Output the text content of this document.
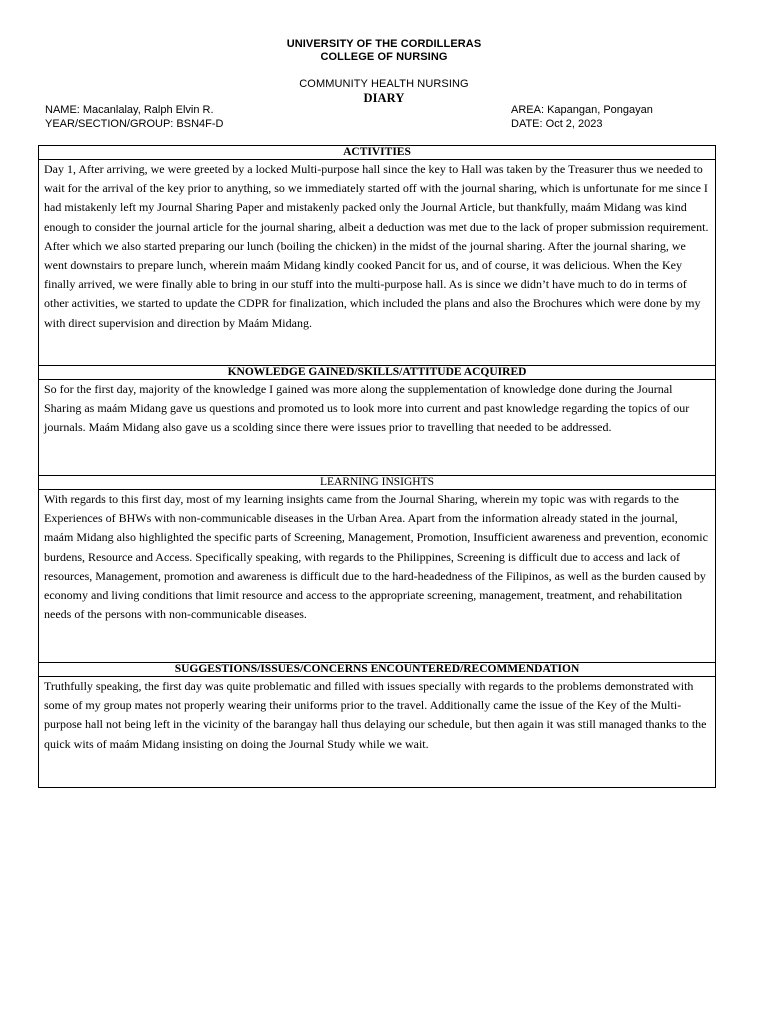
UNIVERSITY OF THE CORDILLERAS
COLLEGE OF NURSING
COMMUNITY HEALTH NURSING
DIARY
NAME: Macanlalay, Ralph Elvin R.
YEAR/SECTION/GROUP: BSN4F-D
AREA: Kapangan, Pongayan
DATE: Oct 2, 2023
ACTIVITIES
Day 1, After arriving, we were greeted by a locked Multi-purpose hall since the key to Hall was taken by the Treasurer thus we needed to wait for the arrival of the key prior to anything, so we immediately started off with the journal sharing, which is unfortunate for me since I had mistakenly left my Journal Sharing Paper and mistakenly packed only the Journal Article, but thankfully, maám Midang was kind enough to consider the journal article for the journal sharing, albeit a deduction was met due to the lack of proper submission requirement. After which we also started preparing our lunch (boiling the chicken) in the midst of the journal sharing. After the journal sharing, we went downstairs to prepare lunch, wherein maám Midang kindly cooked Pancit for us, and of course, it was delicious. When the Key finally arrived, we were finally able to bring in our stuff into the multi-purpose hall. As is since we didn’t have much to do in terms of other activities, we started to update the CDPR for finalization, which included the plans and also the Brochures which were done by my with direct supervision and direction by Maám Midang.
KNOWLEDGE GAINED/SKILLS/ATTITUDE ACQUIRED
So for the first day, majority of the knowledge I gained was more along the supplementation of knowledge done during the Journal Sharing as maám Midang gave us questions and promoted us to look more into current and past knowledge regarding the topics of our journals. Maám Midang also gave us a scolding since there were issues prior to travelling that needed to be addressed.
LEARNING INSIGHTS
With regards to this first day, most of my learning insights came from the Journal Sharing, wherein my topic was with regards to the Experiences of BHWs with non-communicable diseases in the Urban Area. Apart from the information already stated in the journal, maám Midang also highlighted the specific parts of Screening, Management, Promotion, Insufficient awareness and prevention, economic burdens, Resource and Access. Specifically speaking, with regards to the Philippines, Screening is difficult due to access and lack of resources, Management, promotion and awareness is difficult due to the hard-headedness of the Filipinos, as well as the burden caused by economy and living conditions that limit resource and access to the appropriate screening, management, treatment, and rehabilitation needs of the persons with non-communicable diseases.
SUGGESTIONS/ISSUES/CONCERNS ENCOUNTERED/RECOMMENDATION
Truthfully speaking, the first day was quite problematic and filled with issues specially with regards to the problems demonstrated with some of my group mates not properly wearing their uniforms prior to the travel. Additionally came the issue of the Key of the Multi-purpose hall not being left in the vicinity of the barangay hall thus delaying our schedule, but then again it was still managed thanks to the quick wits of maám Midang insisting on doing the Journal Study while we wait.
